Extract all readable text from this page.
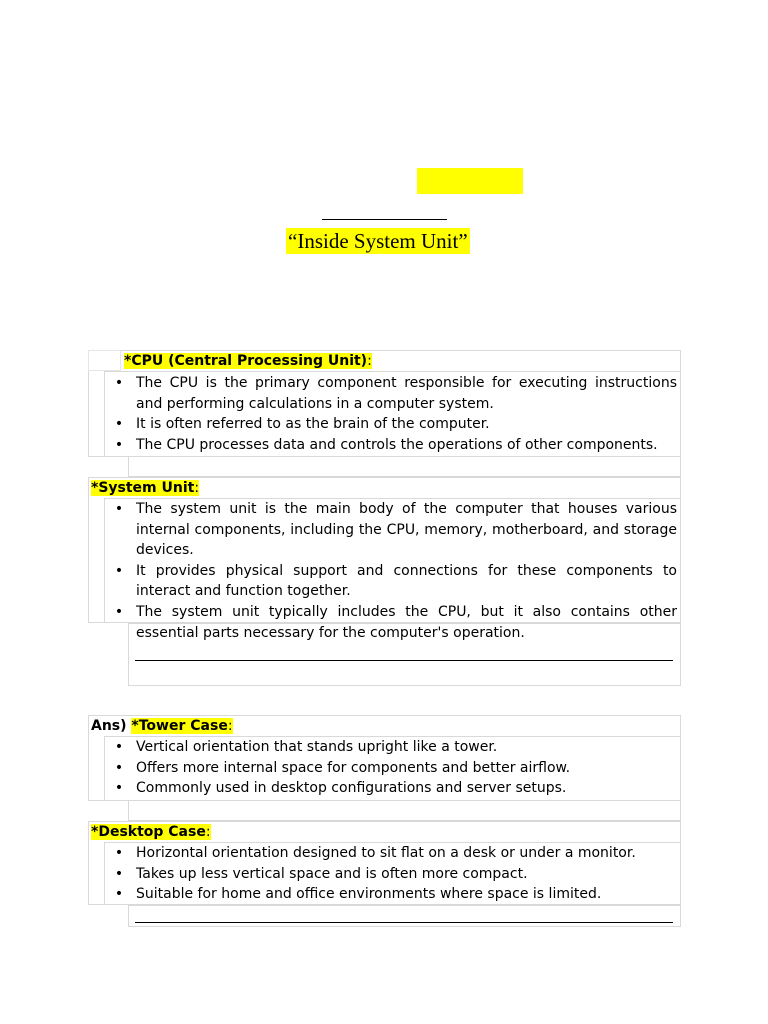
“Inside System Unit”
*CPU (Central Processing Unit):
• The CPU is the primary component responsible for executing instructions and performing calculations in a computer system.
• It is often referred to as the brain of the computer.
• The CPU processes data and controls the operations of other components.
*System Unit:
• The system unit is the main body of the computer that houses various internal components, including the CPU, memory, motherboard, and storage devices.
• It provides physical support and connections for these components to interact and function together.
• The system unit typically includes the CPU, but it also contains other essential parts necessary for the computer's operation.
Ans) *Tower Case:
• Vertical orientation that stands upright like a tower.
• Offers more internal space for components and better airflow.
• Commonly used in desktop configurations and server setups.
*Desktop Case:
• Horizontal orientation designed to sit flat on a desk or under a monitor.
• Takes up less vertical space and is often more compact.
• Suitable for home and office environments where space is limited.
